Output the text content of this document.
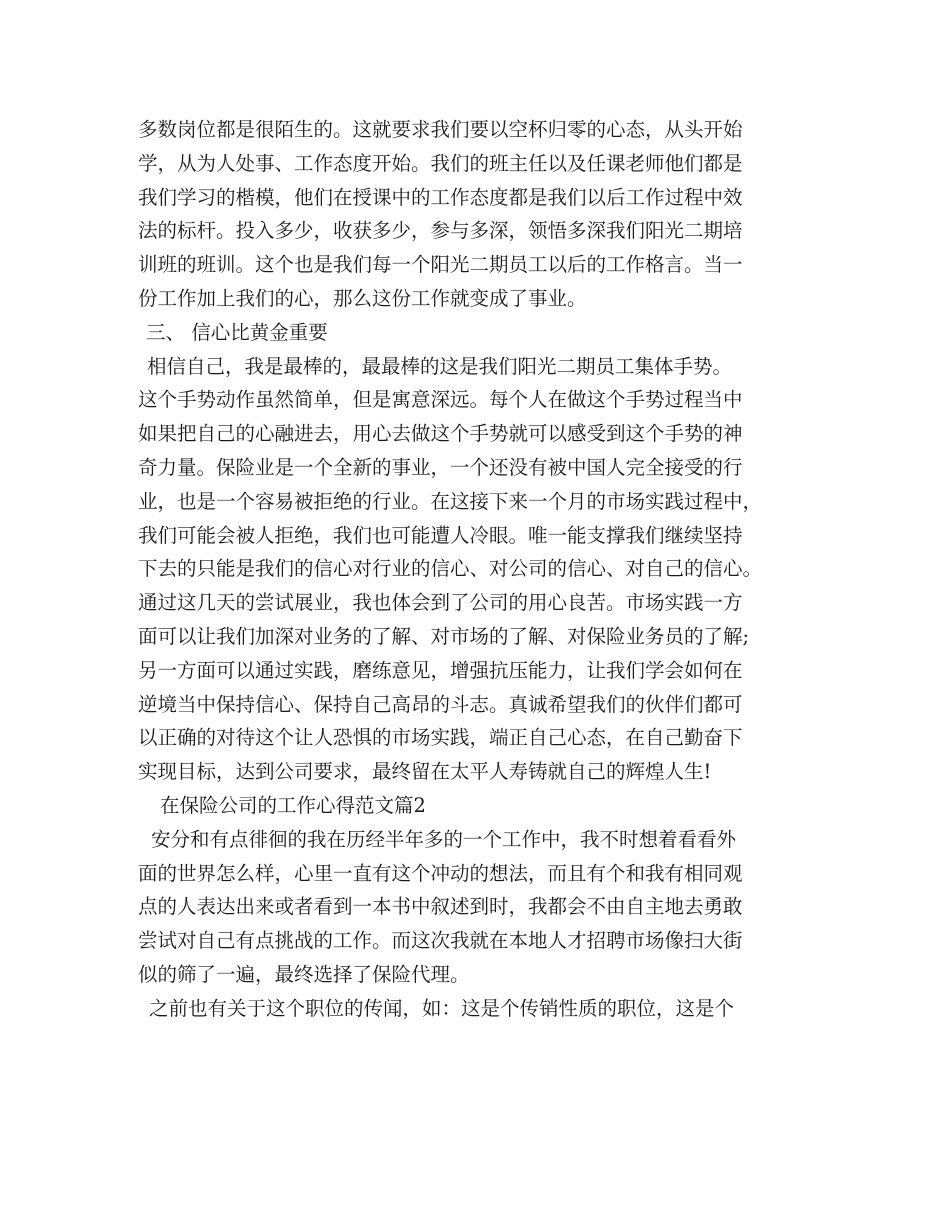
多数岗位都是很陌生的。这就要求我们要以空杯归零的心态，从头开始
学，从为人处事、工作态度开始。我们的班主任以及任课老师他们都是
我们学习的楷模，他们在授课中的工作态度都是我们以后工作过程中效
法的标杆。投入多少，收获多少，参与多深，领悟多深我们阳光二期培
训班的班训。这个也是我们每一个阳光二期员工以后的工作格言。当一
份工作加上我们的心，那么这份工作就变成了事业。
三、 信心比黄金重要
相信自己，我是最棒的，最最棒的这是我们阳光二期员工集体手势。
这个手势动作虽然简单，但是寓意深远。每个人在做这个手势过程当中
如果把自己的心融进去，用心去做这个手势就可以感受到这个手势的神
奇力量。保险业是一个全新的事业，一个还没有被中国人完全接受的行
业，也是一个容易被拒绝的行业。在这接下来一个月的市场实践过程中，
我们可能会被人拒绝，我们也可能遭人冷眼。唯一能支撑我们继续坚持
下去的只能是我们的信心对行业的信心、对公司的信心、对自己的信心。
通过这几天的尝试展业，我也体会到了公司的用心良苦。市场实践一方
面可以让我们加深对业务的了解、对市场的了解、对保险业务员的了解;
另一方面可以通过实践，磨练意见，增强抗压能力，让我们学会如何在
逆境当中保持信心、保持自己高昂的斗志。真诚希望我们的伙伴们都可
以正确的对待这个让人恐惧的市场实践，端正自己心态，在自己勤奋下
实现目标，达到公司要求，最终留在太平人寿铸就自己的辉煌人生!
在保险公司的工作心得范文篇2
安分和有点徘徊的我在历经半年多的一个工作中，我不时想着看看外
面的世界怎么样，心里一直有这个冲动的想法，而且有个和我有相同观
点的人表达出来或者看到一本书中叙述到时，我都会不由自主地去勇敢
尝试对自己有点挑战的工作。而这次我就在本地人才招聘市场像扫大街
似的筛了一遍，最终选择了保险代理。
之前也有关于这个职位的传闻，如：这是个传销性质的职位，这是个
